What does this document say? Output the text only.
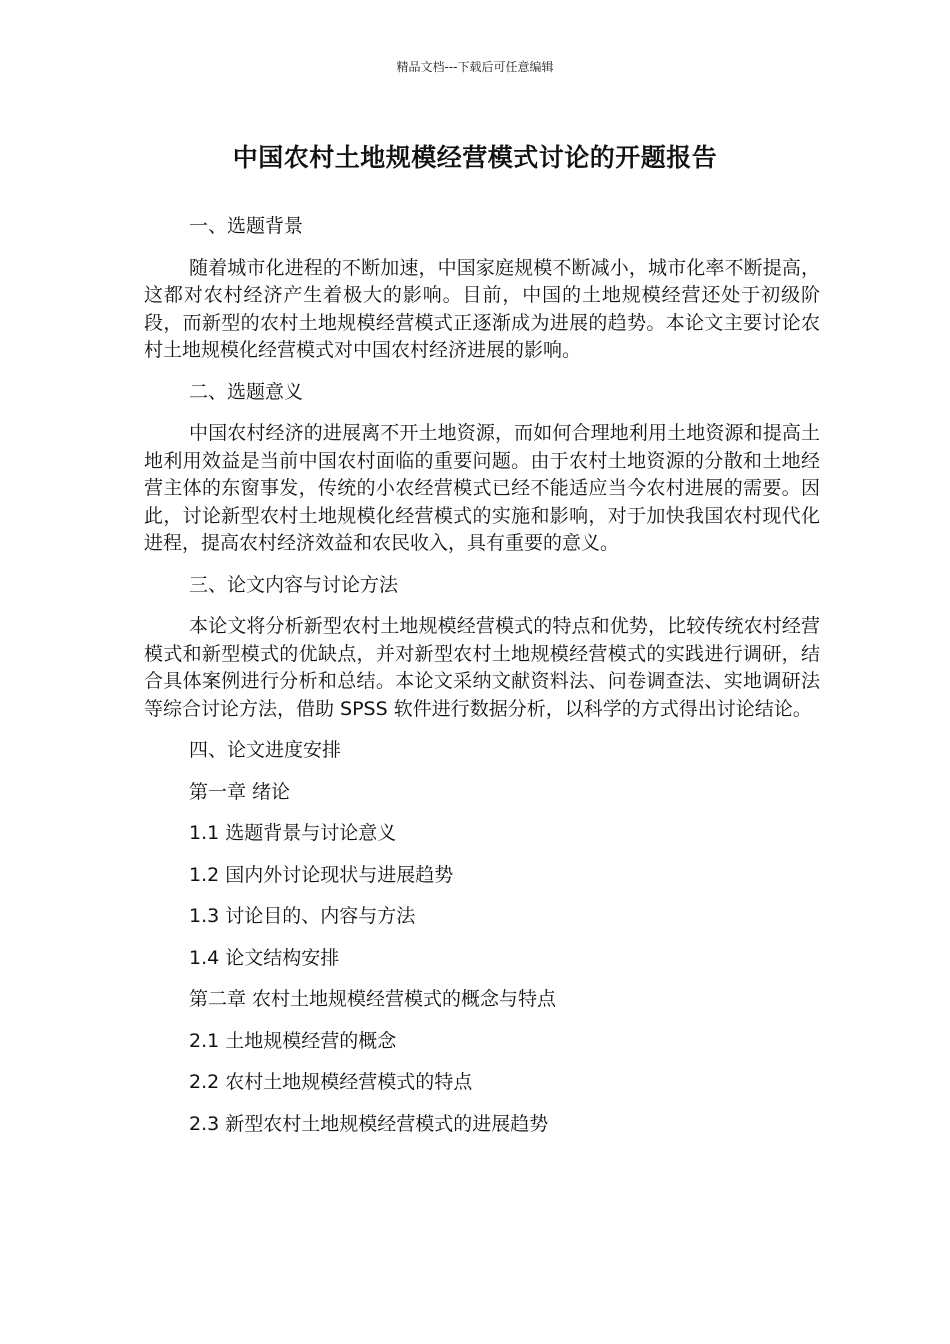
精品文档---下载后可任意编辑
中国农村土地规模经营模式讨论的开题报告
一、选题背景
随着城市化进程的不断加速，中国家庭规模不断减小，城市化率不断提高，这都对农村经济产生着极大的影响。目前，中国的土地规模经营还处于初级阶段，而新型的农村土地规模经营模式正逐渐成为进展的趋势。本论文主要讨论农村土地规模化经营模式对中国农村经济进展的影响。
二、选题意义
中国农村经济的进展离不开土地资源，而如何合理地利用土地资源和提高土地利用效益是当前中国农村面临的重要问题。由于农村土地资源的分散和土地经营主体的东窗事发，传统的小农经营模式已经不能适应当今农村进展的需要。因此，讨论新型农村土地规模化经营模式的实施和影响，对于加快我国农村现代化进程，提高农村经济效益和农民收入，具有重要的意义。
三、论文内容与讨论方法
本论文将分析新型农村土地规模经营模式的特点和优势，比较传统农村经营模式和新型模式的优缺点，并对新型农村土地规模经营模式的实践进行调研，结合具体案例进行分析和总结。本论文采纳文献资料法、问卷调查法、实地调研法等综合讨论方法，借助 SPSS 软件进行数据分析，以科学的方式得出讨论结论。
四、论文进度安排
第一章 绪论
1.1 选题背景与讨论意义
1.2 国内外讨论现状与进展趋势
1.3 讨论目的、内容与方法
1.4 论文结构安排
第二章 农村土地规模经营模式的概念与特点
2.1 土地规模经营的概念
2.2 农村土地规模经营模式的特点
2.3 新型农村土地规模经营模式的进展趋势
